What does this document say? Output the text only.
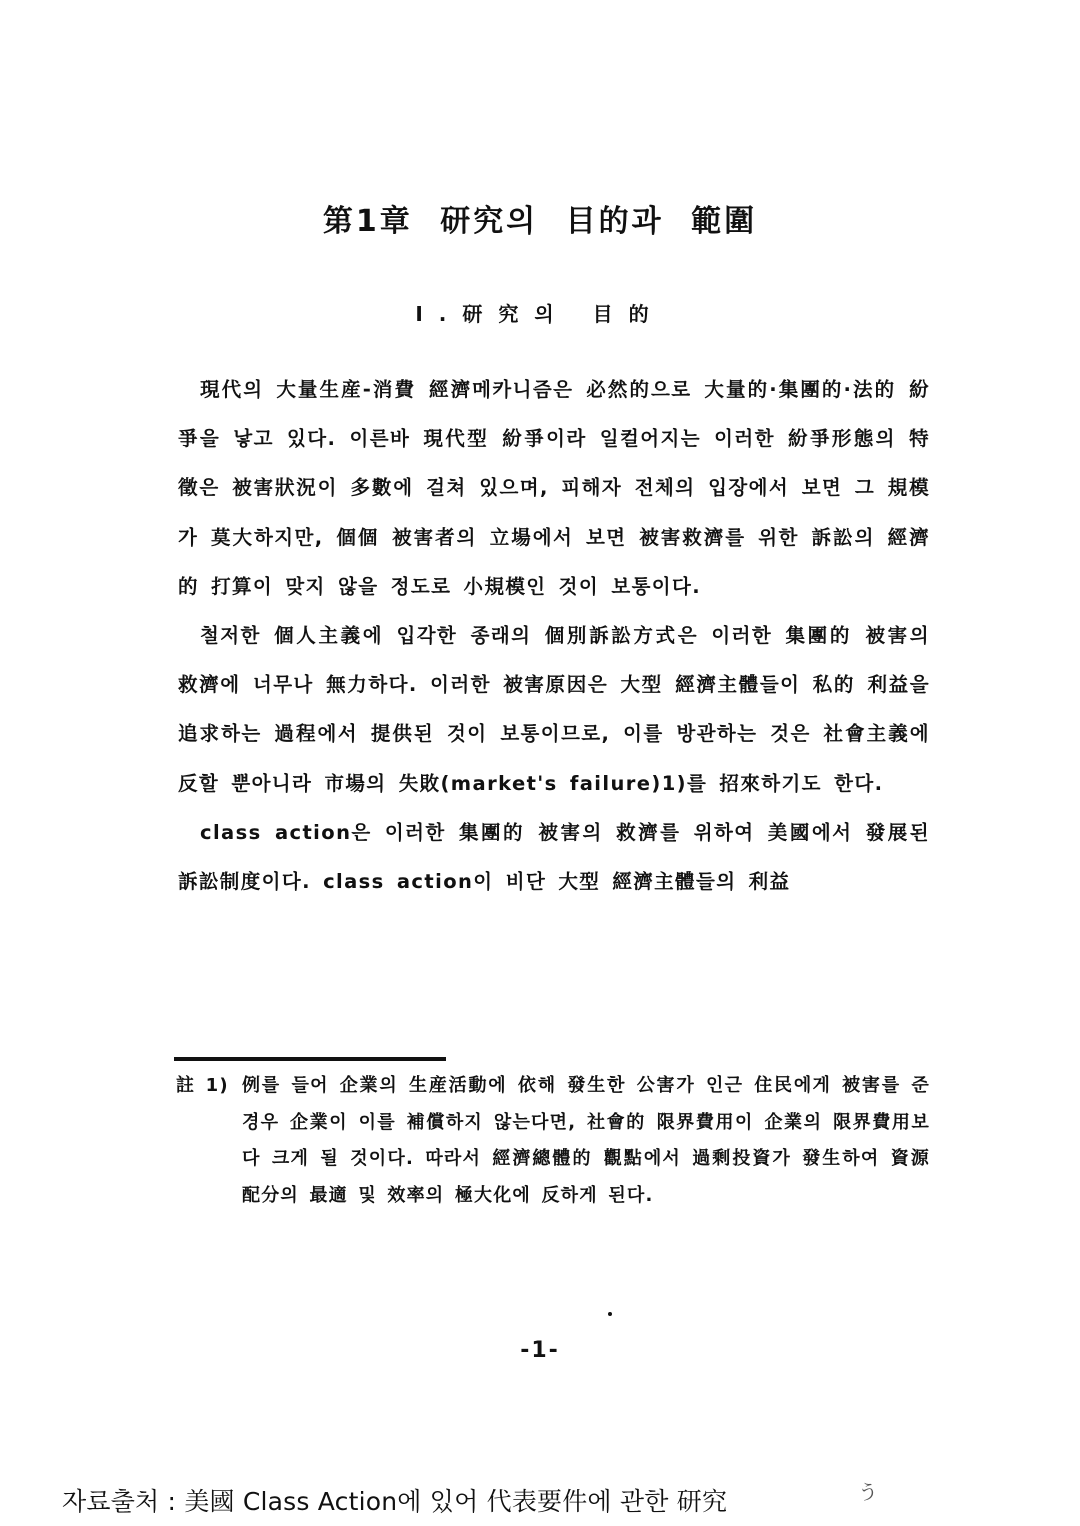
第1章 研究의 目的과 範圍
Ⅰ.研究의 目的

現代의 大量生産-消費 經濟메카니즘은 必然的으로 大量的·集團的·法的 紛爭을 낳고 있다. 이른바 現代型 紛爭이라 일컬어지는 이러한 紛爭形態의 特徵은 被害狀況이 多數에 걸쳐 있으며, 피해자 전체의 입장에서 보면 그 規模가 莫大하지만, 個個 被害者의 立場에서 보면 被害救濟를 위한 訴訟의 經濟的 打算이 맞지 않을 정도로 小規模인 것이 보통이다.

철저한 個人主義에 입각한 종래의 個別訴訟方式은 이러한 集團的 被害의 救濟에 너무나 無力하다. 이러한 被害原因은 大型 經濟主體들이 私的 利益을 追求하는 過程에서 提供된 것이 보통이므로, 이를 방관하는 것은 社會主義에 反할 뿐아니라 市場의 失敗(market's failure)1)를 招來하기도 한다.

class action은 이러한 集團的 被害의 救濟를 위하여 美國에서 發展된 訴訟制度이다. class action이 비단 大型 經濟主體들의 利益

註 1) 例를 들어 企業의 生産活動에 依해 發生한 公害가 인근 住民에게 被害를 준 경우 企業이 이를 補償하지 않는다면, 社會的 限界費用이 企業의 限界費用보다 크게 될 것이다. 따라서 經濟總體的 觀點에서 過剩投資가 發生하여 資源配分의 最適 및 效率의 極大化에 反하게 된다.
-1-
자료출처 : 美國 Class Action에 있어 代表要件에 관한 研究	う
